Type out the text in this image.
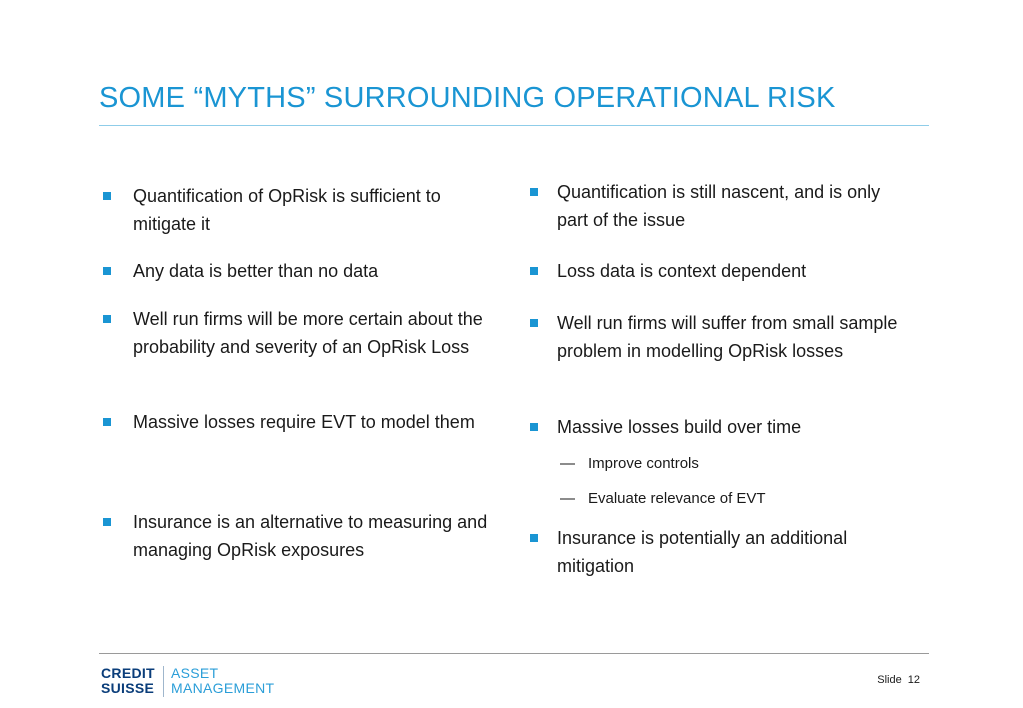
SOME “MYTHS” SURROUNDING OPERATIONAL RISK
Quantification of OpRisk is sufficient to mitigate it
Any data is better than no data
Well run firms will be more certain about the probability and severity of an OpRisk Loss
Massive losses require EVT to model them
Insurance is an alternative to measuring and managing OpRisk exposures
Quantification is still nascent, and is only part of the issue
Loss data is context dependent
Well run firms will suffer from small sample problem in modelling OpRisk losses
Massive losses build over time
— Improve controls
— Evaluate relevance of EVT
Insurance is potentially an additional mitigation
CREDIT
SUISSE
ASSET
MANAGEMENT	Slide 12
